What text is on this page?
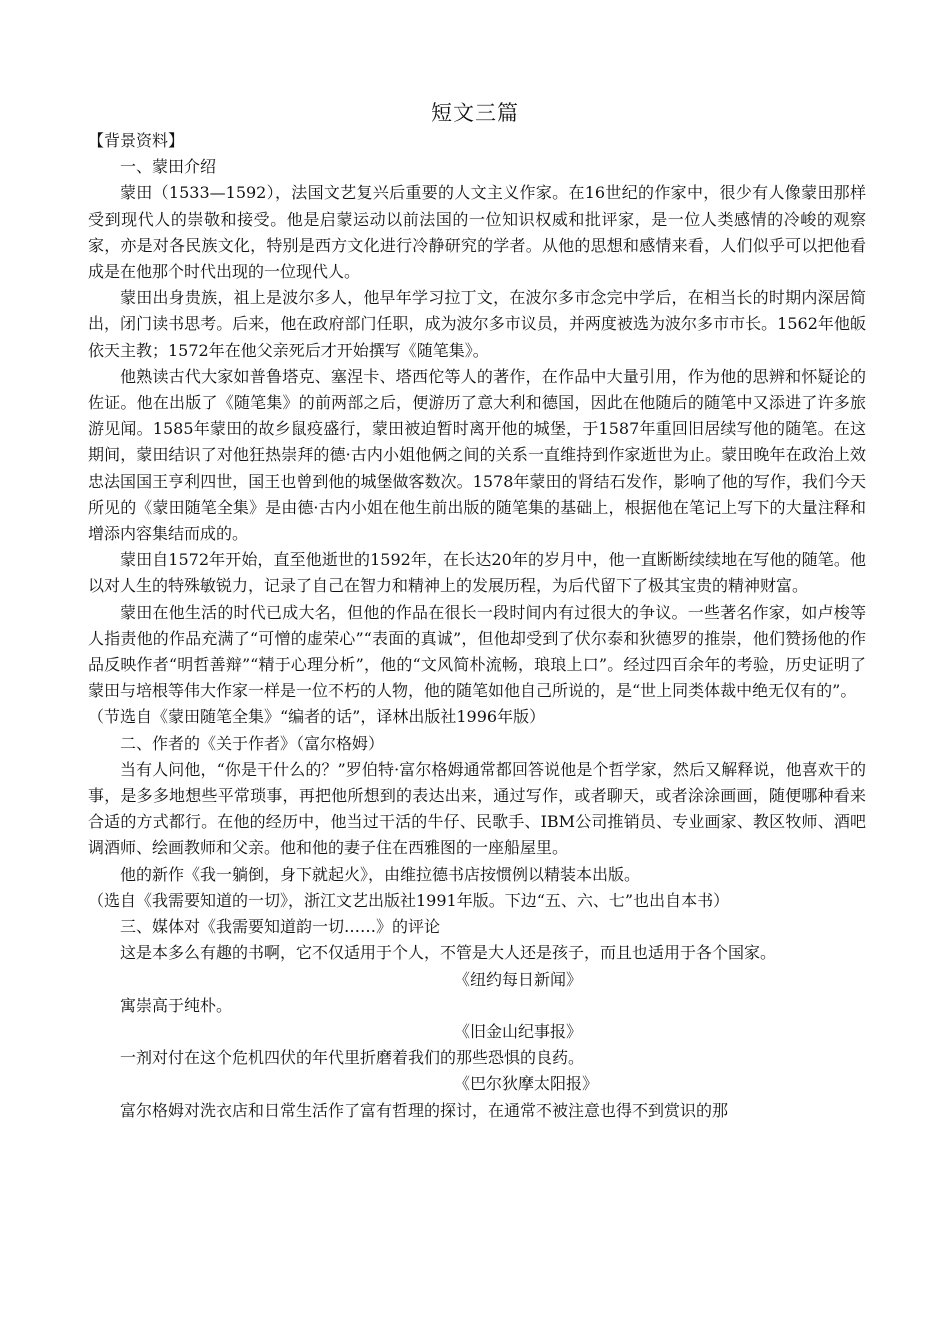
短文三篇

【背景资料】

一、蒙田介绍

蒙田（1533—1592），法国文艺复兴后重要的人文主义作家。在16世纪的作家中，很少有人像蒙田那样受到现代人的崇敬和接受。他是启蒙运动以前法国的一位知识权威和批评家，是一位人类感情的冷峻的观察家，亦是对各民族文化，特别是西方文化进行冷静研究的学者。从他的思想和感情来看，人们似乎可以把他看成是在他那个时代出现的一位现代人。

蒙田出身贵族，祖上是波尔多人，他早年学习拉丁文，在波尔多市念完中学后，在相当长的时期内深居简出，闭门读书思考。后来，他在政府部门任职，成为波尔多市议员，并两度被选为波尔多市市长。1562年他皈依天主教；1572年在他父亲死后才开始撰写《随笔集》。

他熟读古代大家如普鲁塔克、塞涅卡、塔西佗等人的著作，在作品中大量引用，作为他的思辨和怀疑论的佐证。他在出版了《随笔集》的前两部之后，便游历了意大利和德国，因此在他随后的随笔中又添进了许多旅游见闻。1585年蒙田的故乡鼠疫盛行，蒙田被迫暂时离开他的城堡，于1587年重回旧居续写他的随笔。在这期间，蒙田结识了对他狂热崇拜的德·古内小姐他俩之间的关系一直维持到作家逝世为止。蒙田晚年在政治上效忠法国国王亨利四世，国王也曾到他的城堡做客数次。1578年蒙田的肾结石发作，影响了他的写作，我们今天所见的《蒙田随笔全集》是由德·古内小姐在他生前出版的随笔集的基础上，根据他在笔记上写下的大量注释和增添内容集结而成的。

蒙田自1572年开始，直至他逝世的1592年，在长达20年的岁月中，他一直断断续续地在写他的随笔。他以对人生的特殊敏锐力，记录了自己在智力和精神上的发展历程，为后代留下了极其宝贵的精神财富。

蒙田在他生活的时代已成大名，但他的作品在很长一段时间内有过很大的争议。一些著名作家，如卢梭等人指责他的作品充满了“可憎的虚荣心”“表面的真诚”，但他却受到了伏尔泰和狄德罗的推崇，他们赞扬他的作品反映作者“明哲善辩”“精于心理分析”，他的“文风简朴流畅，琅琅上口”。经过四百余年的考验，历史证明了蒙田与培根等伟大作家一样是一位不朽的人物，他的随笔如他自己所说的，是“世上同类体裁中绝无仅有的”。

（节选自《蒙田随笔全集》“编者的话”，译林出版社1996年版）

二、作者的《关于作者》（富尔格姆）

当有人问他，“你是干什么的？”罗伯特·富尔格姆通常都回答说他是个哲学家，然后又解释说，他喜欢干的事，是多多地想些平常琐事，再把他所想到的表达出来，通过写作，或者聊天，或者涂涂画画，随便哪种看来合适的方式都行。在他的经历中，他当过干活的牛仔、民歌手、IBM公司推销员、专业画家、教区牧师、酒吧调酒师、绘画教师和父亲。他和他的妻子住在西雅图的一座船屋里。

他的新作《我一躺倒，身下就起火》，由维拉德书店按惯例以精装本出版。

（选自《我需要知道的一切》，浙江文艺出版社1991年版。下边“五、六、七”也出自本书）

三、媒体对《我需要知道韵一切……》的评论

这是本多么有趣的书啊，它不仅适用于个人，不管是大人还是孩子，而且也适用于各个国家。

《纽约每日新闻》

寓崇高于纯朴。

《旧金山纪事报》

一剂对付在这个危机四伏的年代里折磨着我们的那些恐惧的良药。

《巴尔狄摩太阳报》

富尔格姆对洗衣店和日常生活作了富有哲理的探讨，在通常不被注意也得不到赏识的那
